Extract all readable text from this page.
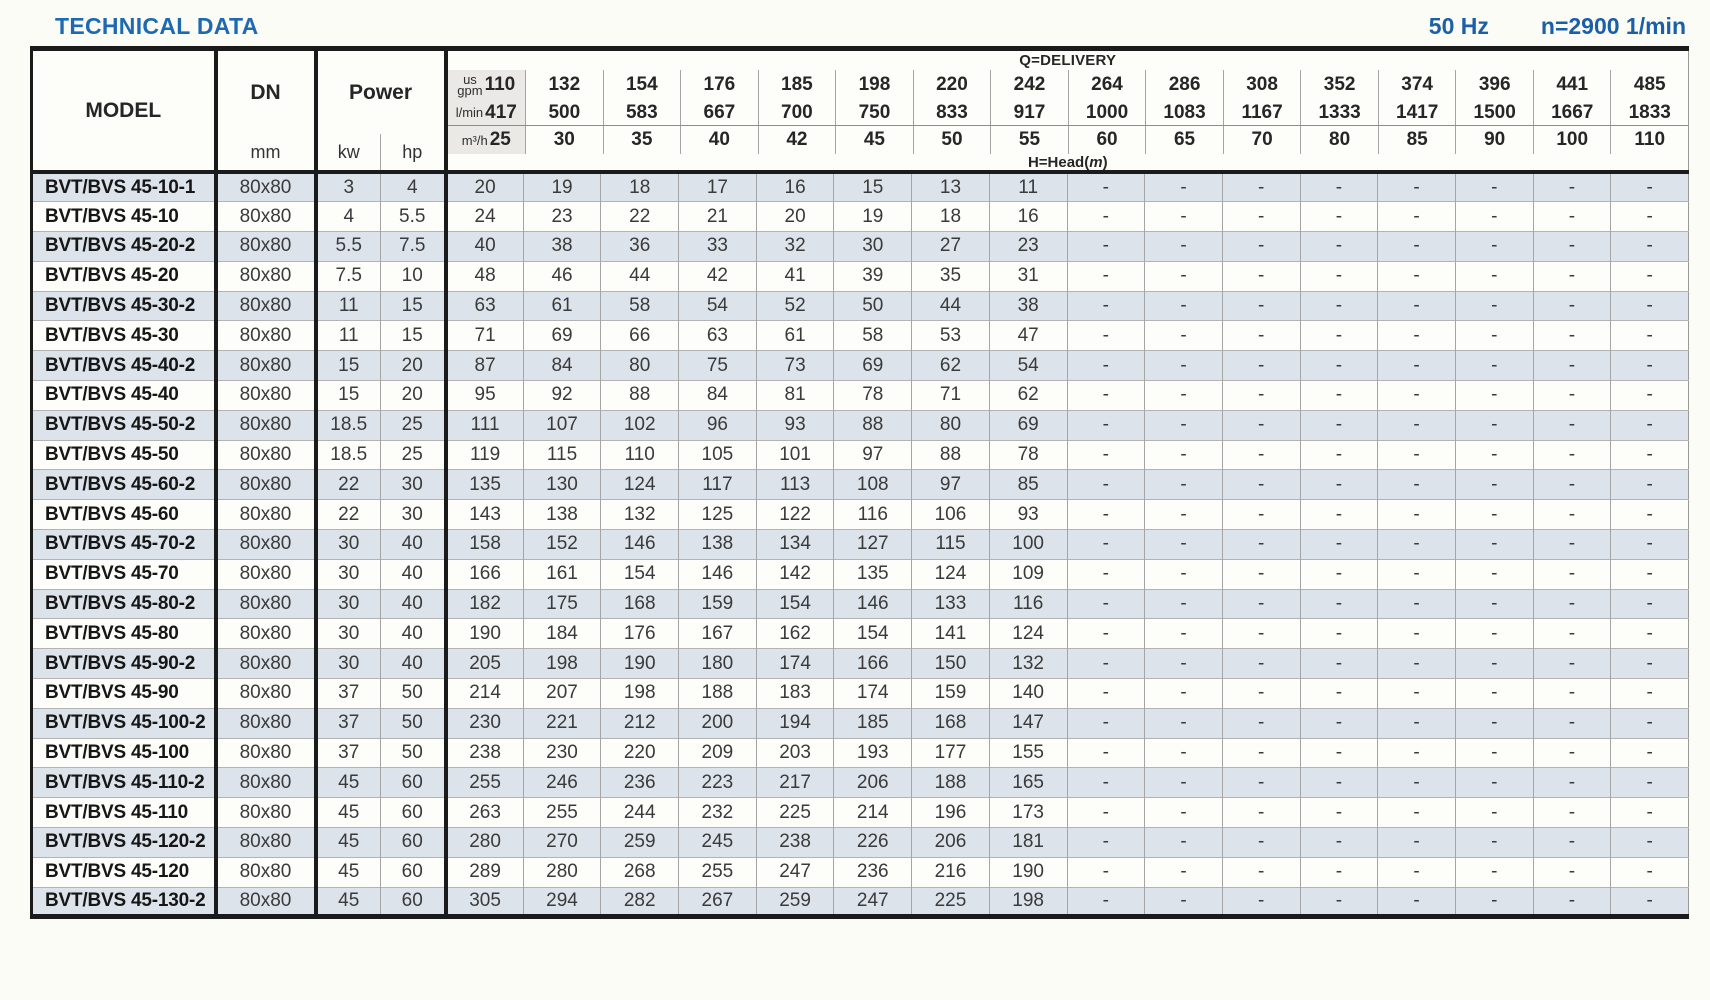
TECHNICAL DATA	50 Hz n=2900 1/min
MODEL	
DN
mm

Power
kw	hp

Q=DELIVERY
us
gpm 110 132 154 176 185 198 220 242 264 286 308 352 374 396 441 485
l/min 417 500 583 667 700 750 833 917 1000 1083 1167 1333 1417 1500 1667 1833
m³/h 25 30	35	40	42	45	50	55	60	65	70	80	85	90	100 110
H=Head( m )

BVT/BVS 45-10-1	80x80	3	4	20	19	18	17	16	15	13	11	-	-	-	-	-	-	-	-
BVT/BVS 45-10	80x80	4	5.5	24	23	22	21	20	19	18	16	-	-	-	-	-	-	-	-
BVT/BVS 45-20-2	80x80	5.5	7.5	40	38	36	33	32	30	27	23	-	-	-	-	-	-	-	-
BVT/BVS 45-20	80x80	7.5	10	48	46	44	42	41	39	35	31	-	-	-	-	-	-	-	-
BVT/BVS 45-30-2	80x80	11	15	63	61	58	54	52	50	44	38	-	-	-	-	-	-	-	-
BVT/BVS 45-30	80x80	11	15	71	69	66	63	61	58	53	47	-	-	-	-	-	-	-	-
BVT/BVS 45-40-2	80x80	15	20	87	84	80	75	73	69	62	54	-	-	-	-	-	-	-	-
BVT/BVS 45-40	80x80	15	20	95	92	88	84	81	78	71	62	-	-	-	-	-	-	-	-
BVT/BVS 45-50-2	80x80	18.5	25	111	107	102	96	93	88	80	69	-	-	-	-	-	-	-	-
BVT/BVS 45-50	80x80	18.5	25	119	115	110	105	101	97	88	78	-	-	-	-	-	-	-	-
BVT/BVS 45-60-2	80x80	22	30	135	130	124	117	113	108	97	85	-	-	-	-	-	-	-	-
BVT/BVS 45-60	80x80	22	30	143	138	132	125	122	116	106	93	-	-	-	-	-	-	-	-
BVT/BVS 45-70-2	80x80	30	40	158	152	146	138	134	127	115	100	-	-	-	-	-	-	-	-
BVT/BVS 45-70	80x80	30	40	166	161	154	146	142	135	124	109	-	-	-	-	-	-	-	-
BVT/BVS 45-80-2	80x80	30	40	182	175	168	159	154	146	133	116	-	-	-	-	-	-	-	-
BVT/BVS 45-80	80x80	30	40	190	184	176	167	162	154	141	124	-	-	-	-	-	-	-	-
BVT/BVS 45-90-2	80x80	30	40	205	198	190	180	174	166	150	132	-	-	-	-	-	-	-	-
BVT/BVS 45-90	80x80	37	50	214	207	198	188	183	174	159	140	-	-	-	-	-	-	-	-
BVT/BVS 45-100-2	80x80	37	50	230	221	212	200	194	185	168	147	-	-	-	-	-	-	-	-
BVT/BVS 45-100	80x80	37	50	238	230	220	209	203	193	177	155	-	-	-	-	-	-	-	-
BVT/BVS 45-110-2	80x80	45	60	255	246	236	223	217	206	188	165	-	-	-	-	-	-	-	-
BVT/BVS 45-110	80x80	45	60	263	255	244	232	225	214	196	173	-	-	-	-	-	-	-	-
BVT/BVS 45-120-2	80x80	45	60	280	270	259	245	238	226	206	181	-	-	-	-	-	-	-	-
BVT/BVS 45-120	80x80	45	60	289	280	268	255	247	236	216	190	-	-	-	-	-	-	-	-
BVT/BVS 45-130-2	80x80	45	60	305	294	282	267	259	247	225	198	-	-	-	-	-	-	-	-
